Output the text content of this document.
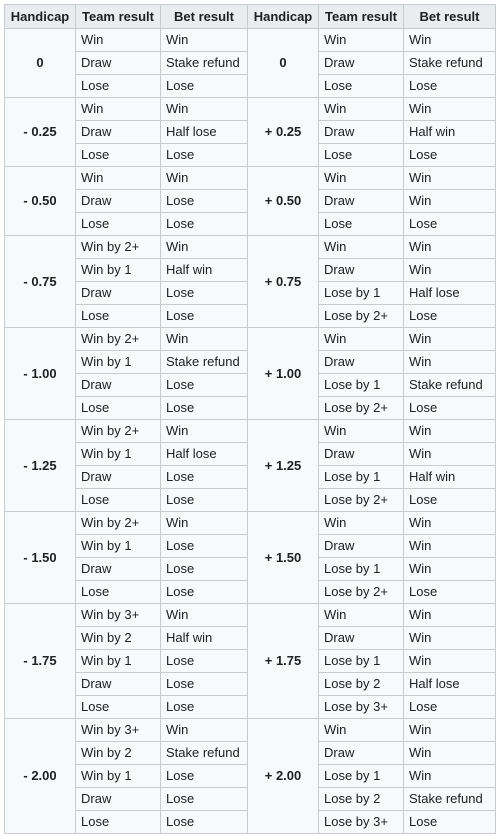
Handicap	Team result	Bet result	Handicap	Team result	Bet result
0	Win	Win	0	Win	Win
	Draw	Stake refund		Draw	Stake refund
	Lose	Lose		Lose	Lose
- 0.25	Win	Win	+ 0.25	Win	Win
	Draw	Half lose		Draw	Half win
	Lose	Lose		Lose	Lose
- 0.50	Win	Win	+ 0.50	Win	Win
	Draw	Lose		Draw	Win
	Lose	Lose		Lose	Lose
- 0.75	Win by 2+	Win	+ 0.75	Win	Win
	Win by 1	Half win		Draw	Win
	Draw	Lose		Lose by 1	Half lose
	Lose	Lose		Lose by 2+	Lose
- 1.00	Win by 2+	Win	+ 1.00	Win	Win
	Win by 1	Stake refund		Draw	Win
	Draw	Lose		Lose by 1	Stake refund
	Lose	Lose		Lose by 2+	Lose
- 1.25	Win by 2+	Win	+ 1.25	Win	Win
	Win by 1	Half lose		Draw	Win
	Draw	Lose		Lose by 1	Half win
	Lose	Lose		Lose by 2+	Lose
- 1.50	Win by 2+	Win	+ 1.50	Win	Win
	Win by 1	Lose		Draw	Win
	Draw	Lose		Lose by 1	Win
	Lose	Lose		Lose by 2+	Lose
- 1.75	Win by 3+	Win	+ 1.75	Win	Win
	Win by 2	Half win		Draw	Win
	Win by 1	Lose		Lose by 1	Win
	Draw	Lose		Lose by 2	Half lose
	Lose	Lose		Lose by 3+	Lose
- 2.00	Win by 3+	Win	+ 2.00	Win	Win
	Win by 2	Stake refund		Draw	Win
	Win by 1	Lose		Lose by 1	Win
	Draw	Lose		Lose by 2	Stake refund
	Lose	Lose		Lose by 3+	Lose
